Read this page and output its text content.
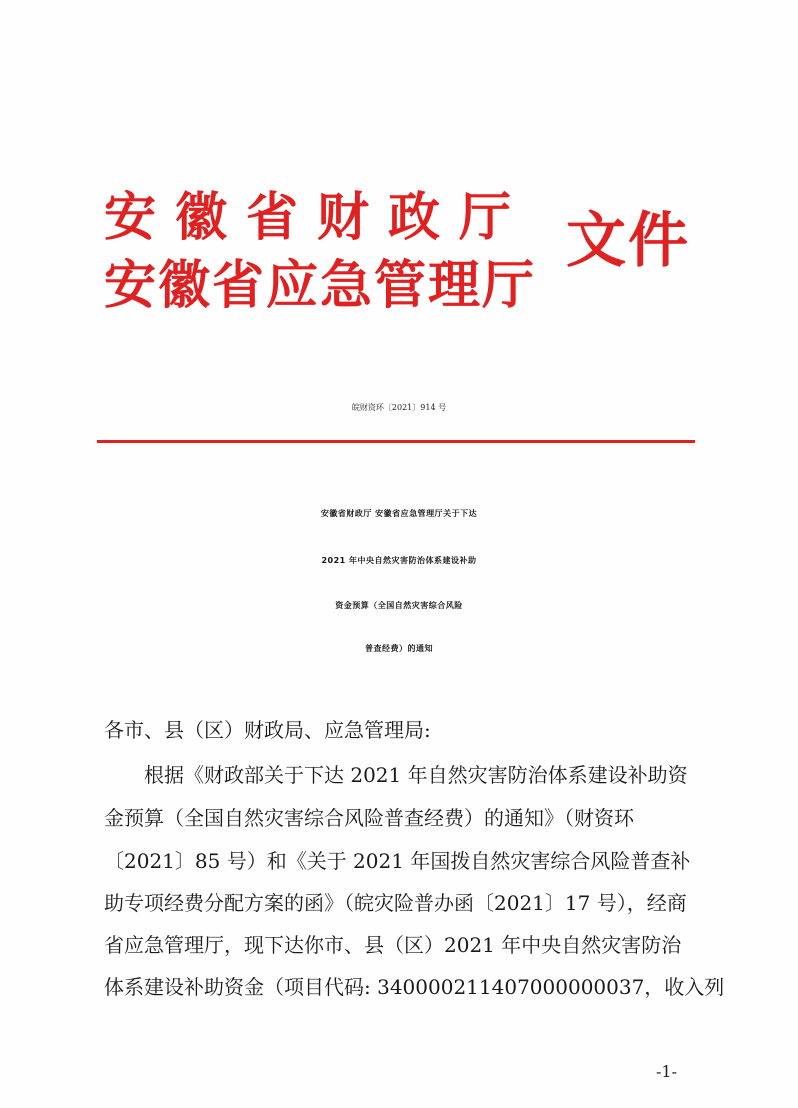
安徽省财政厅
安徽省应急管理厅
文件
皖财资环〔2021〕914 号
安徽省财政厅 安徽省应急管理厅关于下达
2021 年中央自然灾害防治体系建设补助
资金预算（全国自然灾害综合风险
普查经费）的通知
各市、县（区）财政局、应急管理局:
根据《财政部关于下达 2021 年自然灾害防治体系建设补助资
金预算（全国自然灾害综合风险普查经费）的通知》（财资环
〔2021〕85 号）和《关于 2021 年国拨自然灾害综合风险普查补
助专项经费分配方案的函》（皖灾险普办函〔2021〕17 号），经商
省应急管理厅，现下达你市、县（区）2021 年中央自然灾害防治
体系建设补助资金（项目代码: 340000211407000000037，收入列
-1-
